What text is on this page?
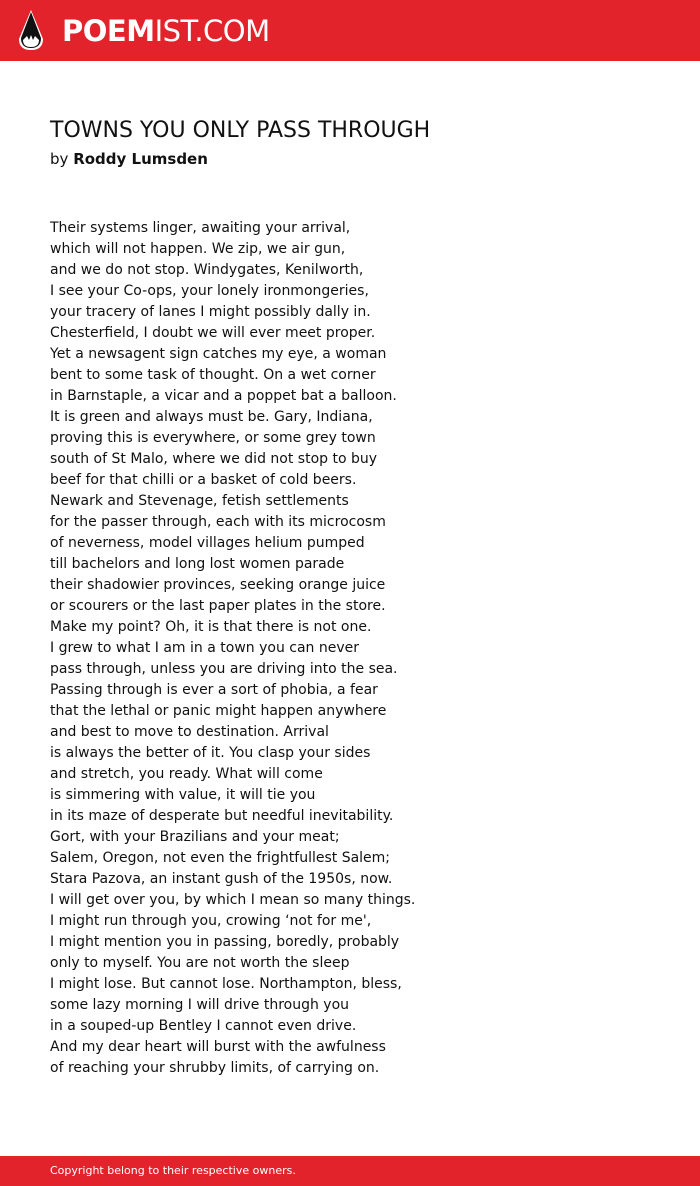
POEMIST.COM
TOWNS YOU ONLY PASS THROUGH
by Roddy Lumsden
Their systems linger, awaiting your arrival,
which will not happen. We zip, we air gun,
and we do not stop. Windygates, Kenilworth,
I see your Co-ops, your lonely ironmongeries,
your tracery of lanes I might possibly dally in.
Chesterfield, I doubt we will ever meet proper.
Yet a newsagent sign catches my eye, a woman
bent to some task of thought. On a wet corner
in Barnstaple, a vicar and a poppet bat a balloon.
It is green and always must be. Gary, Indiana,
proving this is everywhere, or some grey town
south of St Malo, where we did not stop to buy
beef for that chilli or a basket of cold beers.
Newark and Stevenage, fetish settlements
for the passer through, each with its microcosm
of neverness, model villages helium pumped
till bachelors and long lost women parade
their shadowier provinces, seeking orange juice
or scourers or the last paper plates in the store.
Make my point? Oh, it is that there is not one.
I grew to what I am in a town you can never
pass through, unless you are driving into the sea.
Passing through is ever a sort of phobia, a fear
that the lethal or panic might happen anywhere
and best to move to destination. Arrival
is always the better of it. You clasp your sides
and stretch, you ready. What will come
is simmering with value, it will tie you
in its maze of desperate but needful inevitability.
Gort, with your Brazilians and your meat;
Salem, Oregon, not even the frightfullest Salem;
Stara Pazova, an instant gush of the 1950s, now.
I will get over you, by which I mean so many things.
I might run through you, crowing ‘not for me',
I might mention you in passing, boredly, probably
only to myself. You are not worth the sleep
I might lose. But cannot lose. Northampton, bless,
some lazy morning I will drive through you
in a souped-up Bentley I cannot even drive.
And my dear heart will burst with the awfulness
of reaching your shrubby limits, of carrying on.
Copyright belong to their respective owners.
